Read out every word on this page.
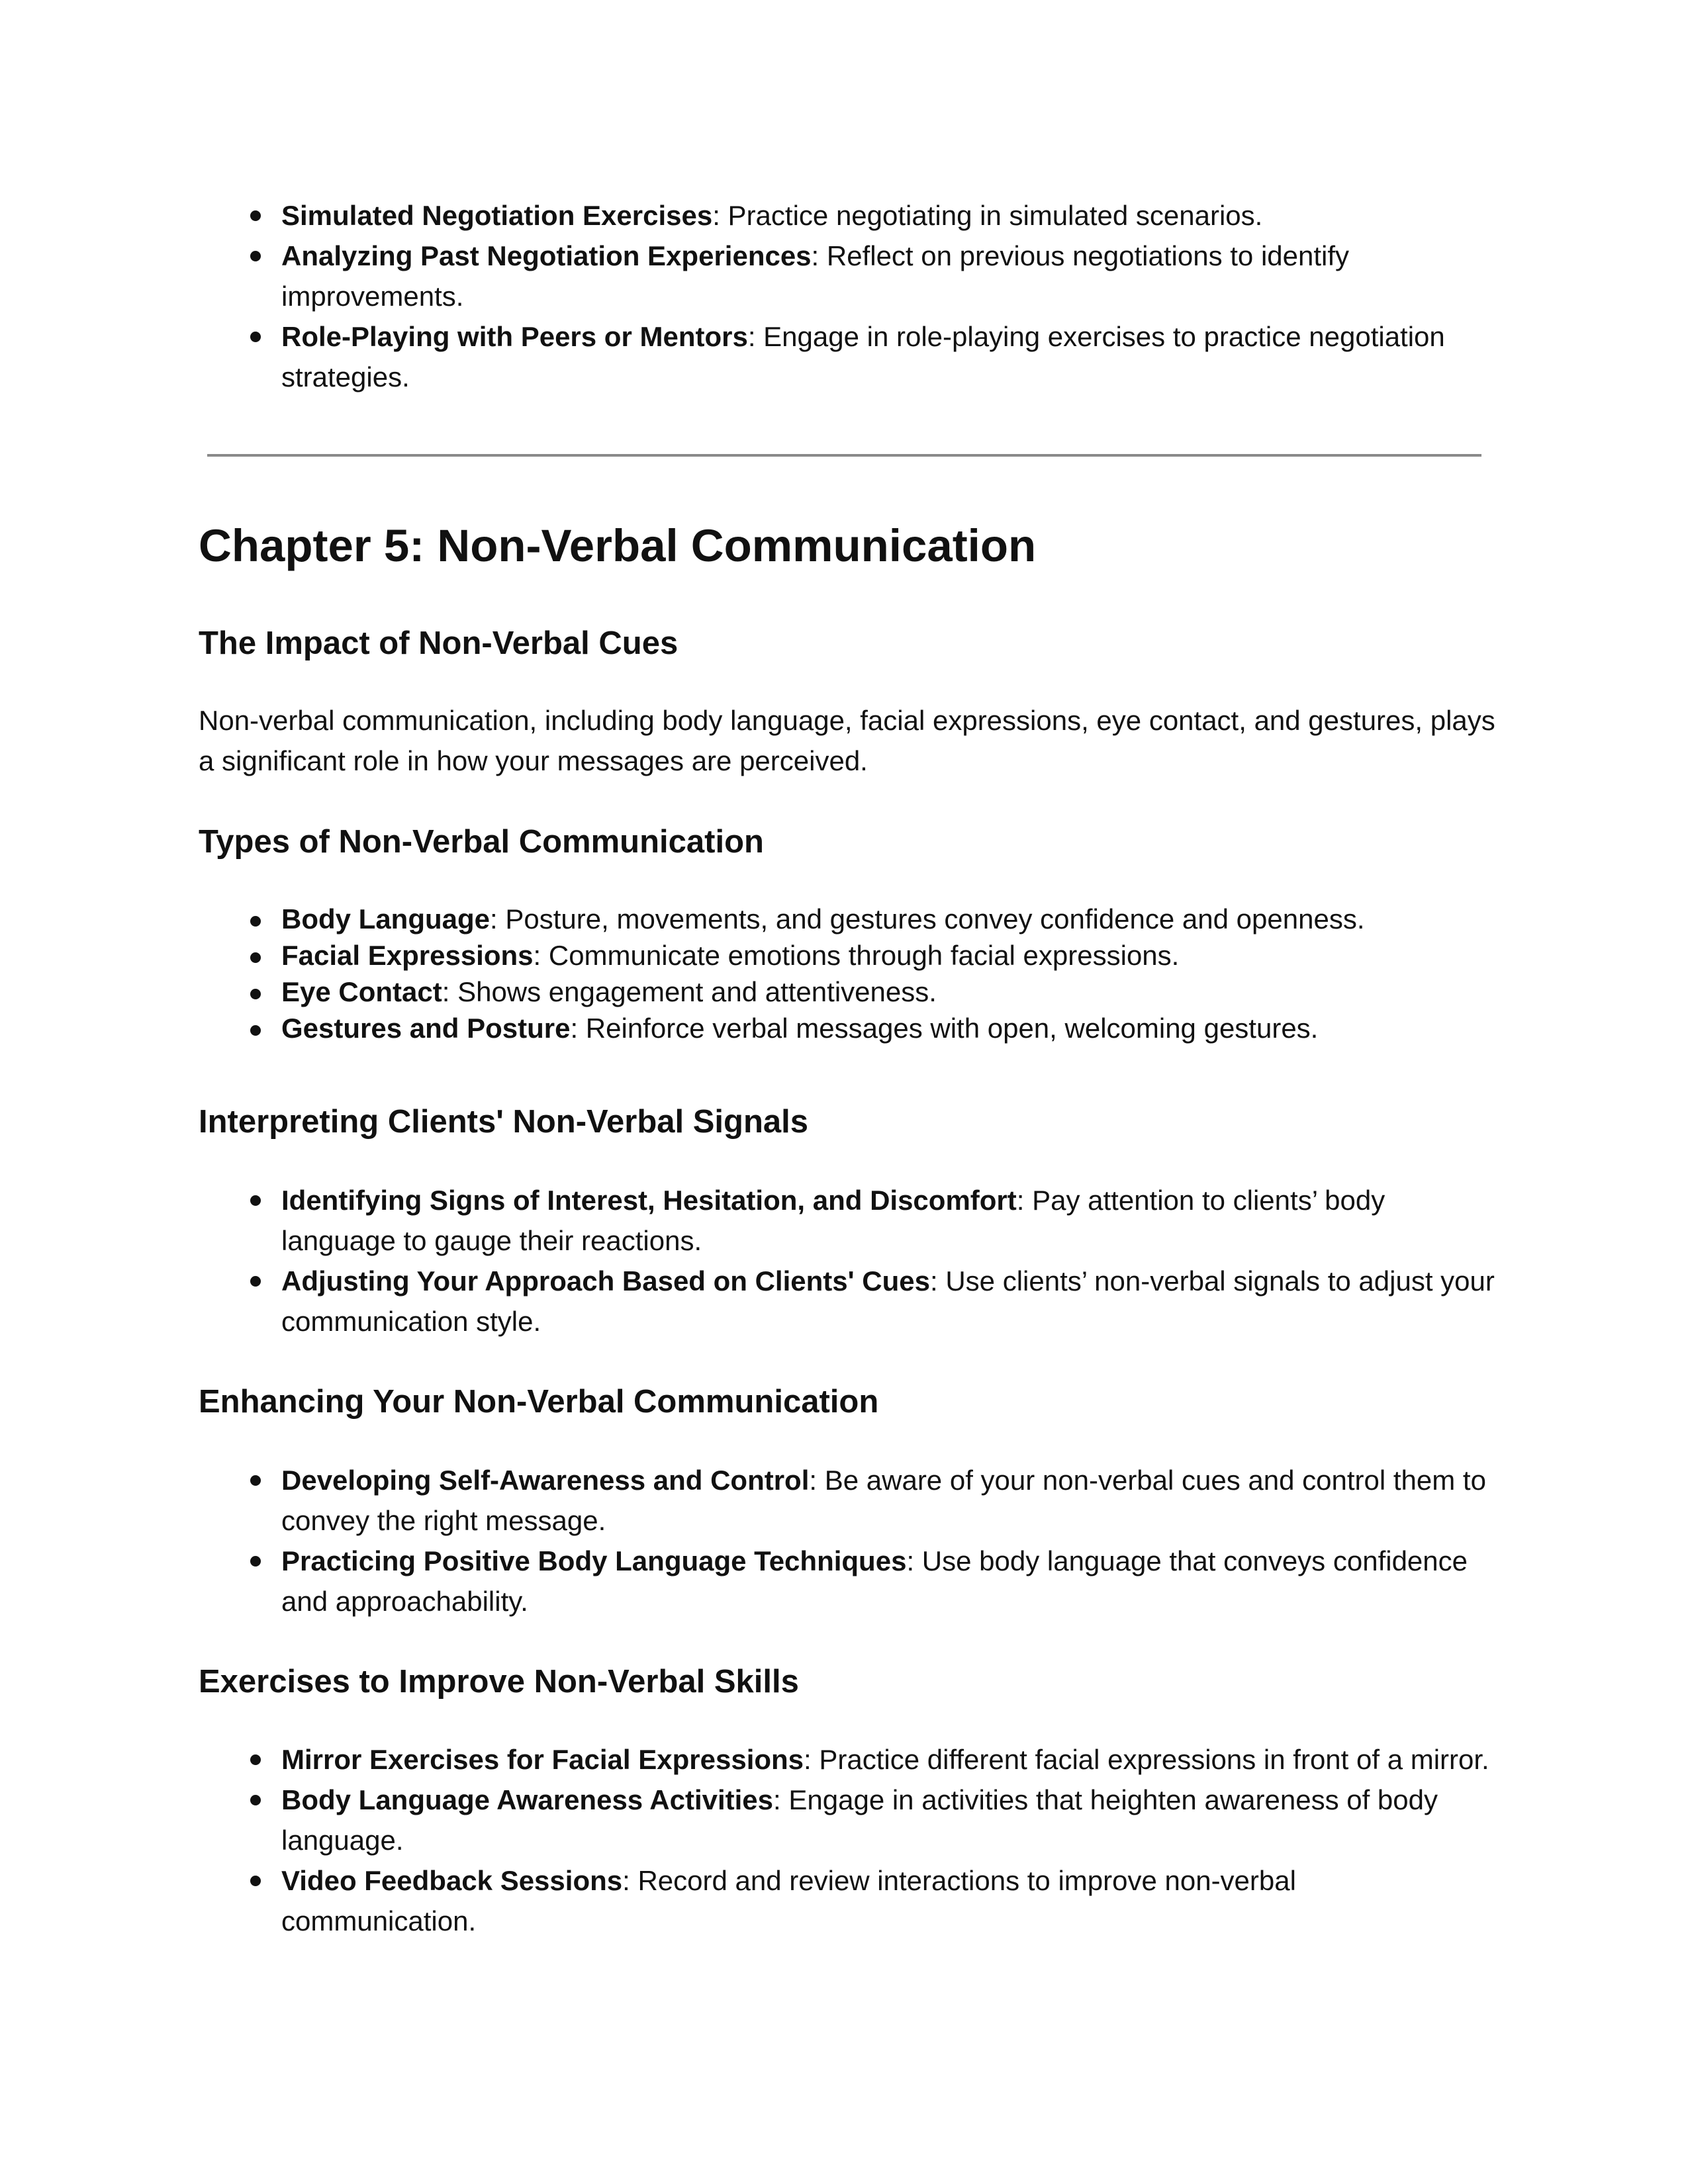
Simulated Negotiation Exercises: Practice negotiating in simulated scenarios.
Analyzing Past Negotiation Experiences: Reflect on previous negotiations to identify improvements.
Role-Playing with Peers or Mentors: Engage in role-playing exercises to practice negotiation strategies.
Chapter 5: Non-Verbal Communication
The Impact of Non-Verbal Cues

Non-verbal communication, including body language, facial expressions, eye contact, and gestures, plays a significant role in how your messages are perceived.

Types of Non-Verbal Communication
Body Language: Posture, movements, and gestures convey confidence and openness.
Facial Expressions: Communicate emotions through facial expressions.
Eye Contact: Shows engagement and attentiveness.
Gestures and Posture: Reinforce verbal messages with open, welcoming gestures.
Interpreting Clients' Non-Verbal Signals
Identifying Signs of Interest, Hesitation, and Discomfort: Pay attention to clients’ body language to gauge their reactions.
Adjusting Your Approach Based on Clients' Cues: Use clients’ non-verbal signals to adjust your communication style.
Enhancing Your Non-Verbal Communication
Developing Self-Awareness and Control: Be aware of your non-verbal cues and control them to convey the right message.
Practicing Positive Body Language Techniques: Use body language that conveys confidence and approachability.
Exercises to Improve Non-Verbal Skills
Mirror Exercises for Facial Expressions: Practice different facial expressions in front of a mirror.
Body Language Awareness Activities: Engage in activities that heighten awareness of body language.
Video Feedback Sessions: Record and review interactions to improve non-verbal communication.
